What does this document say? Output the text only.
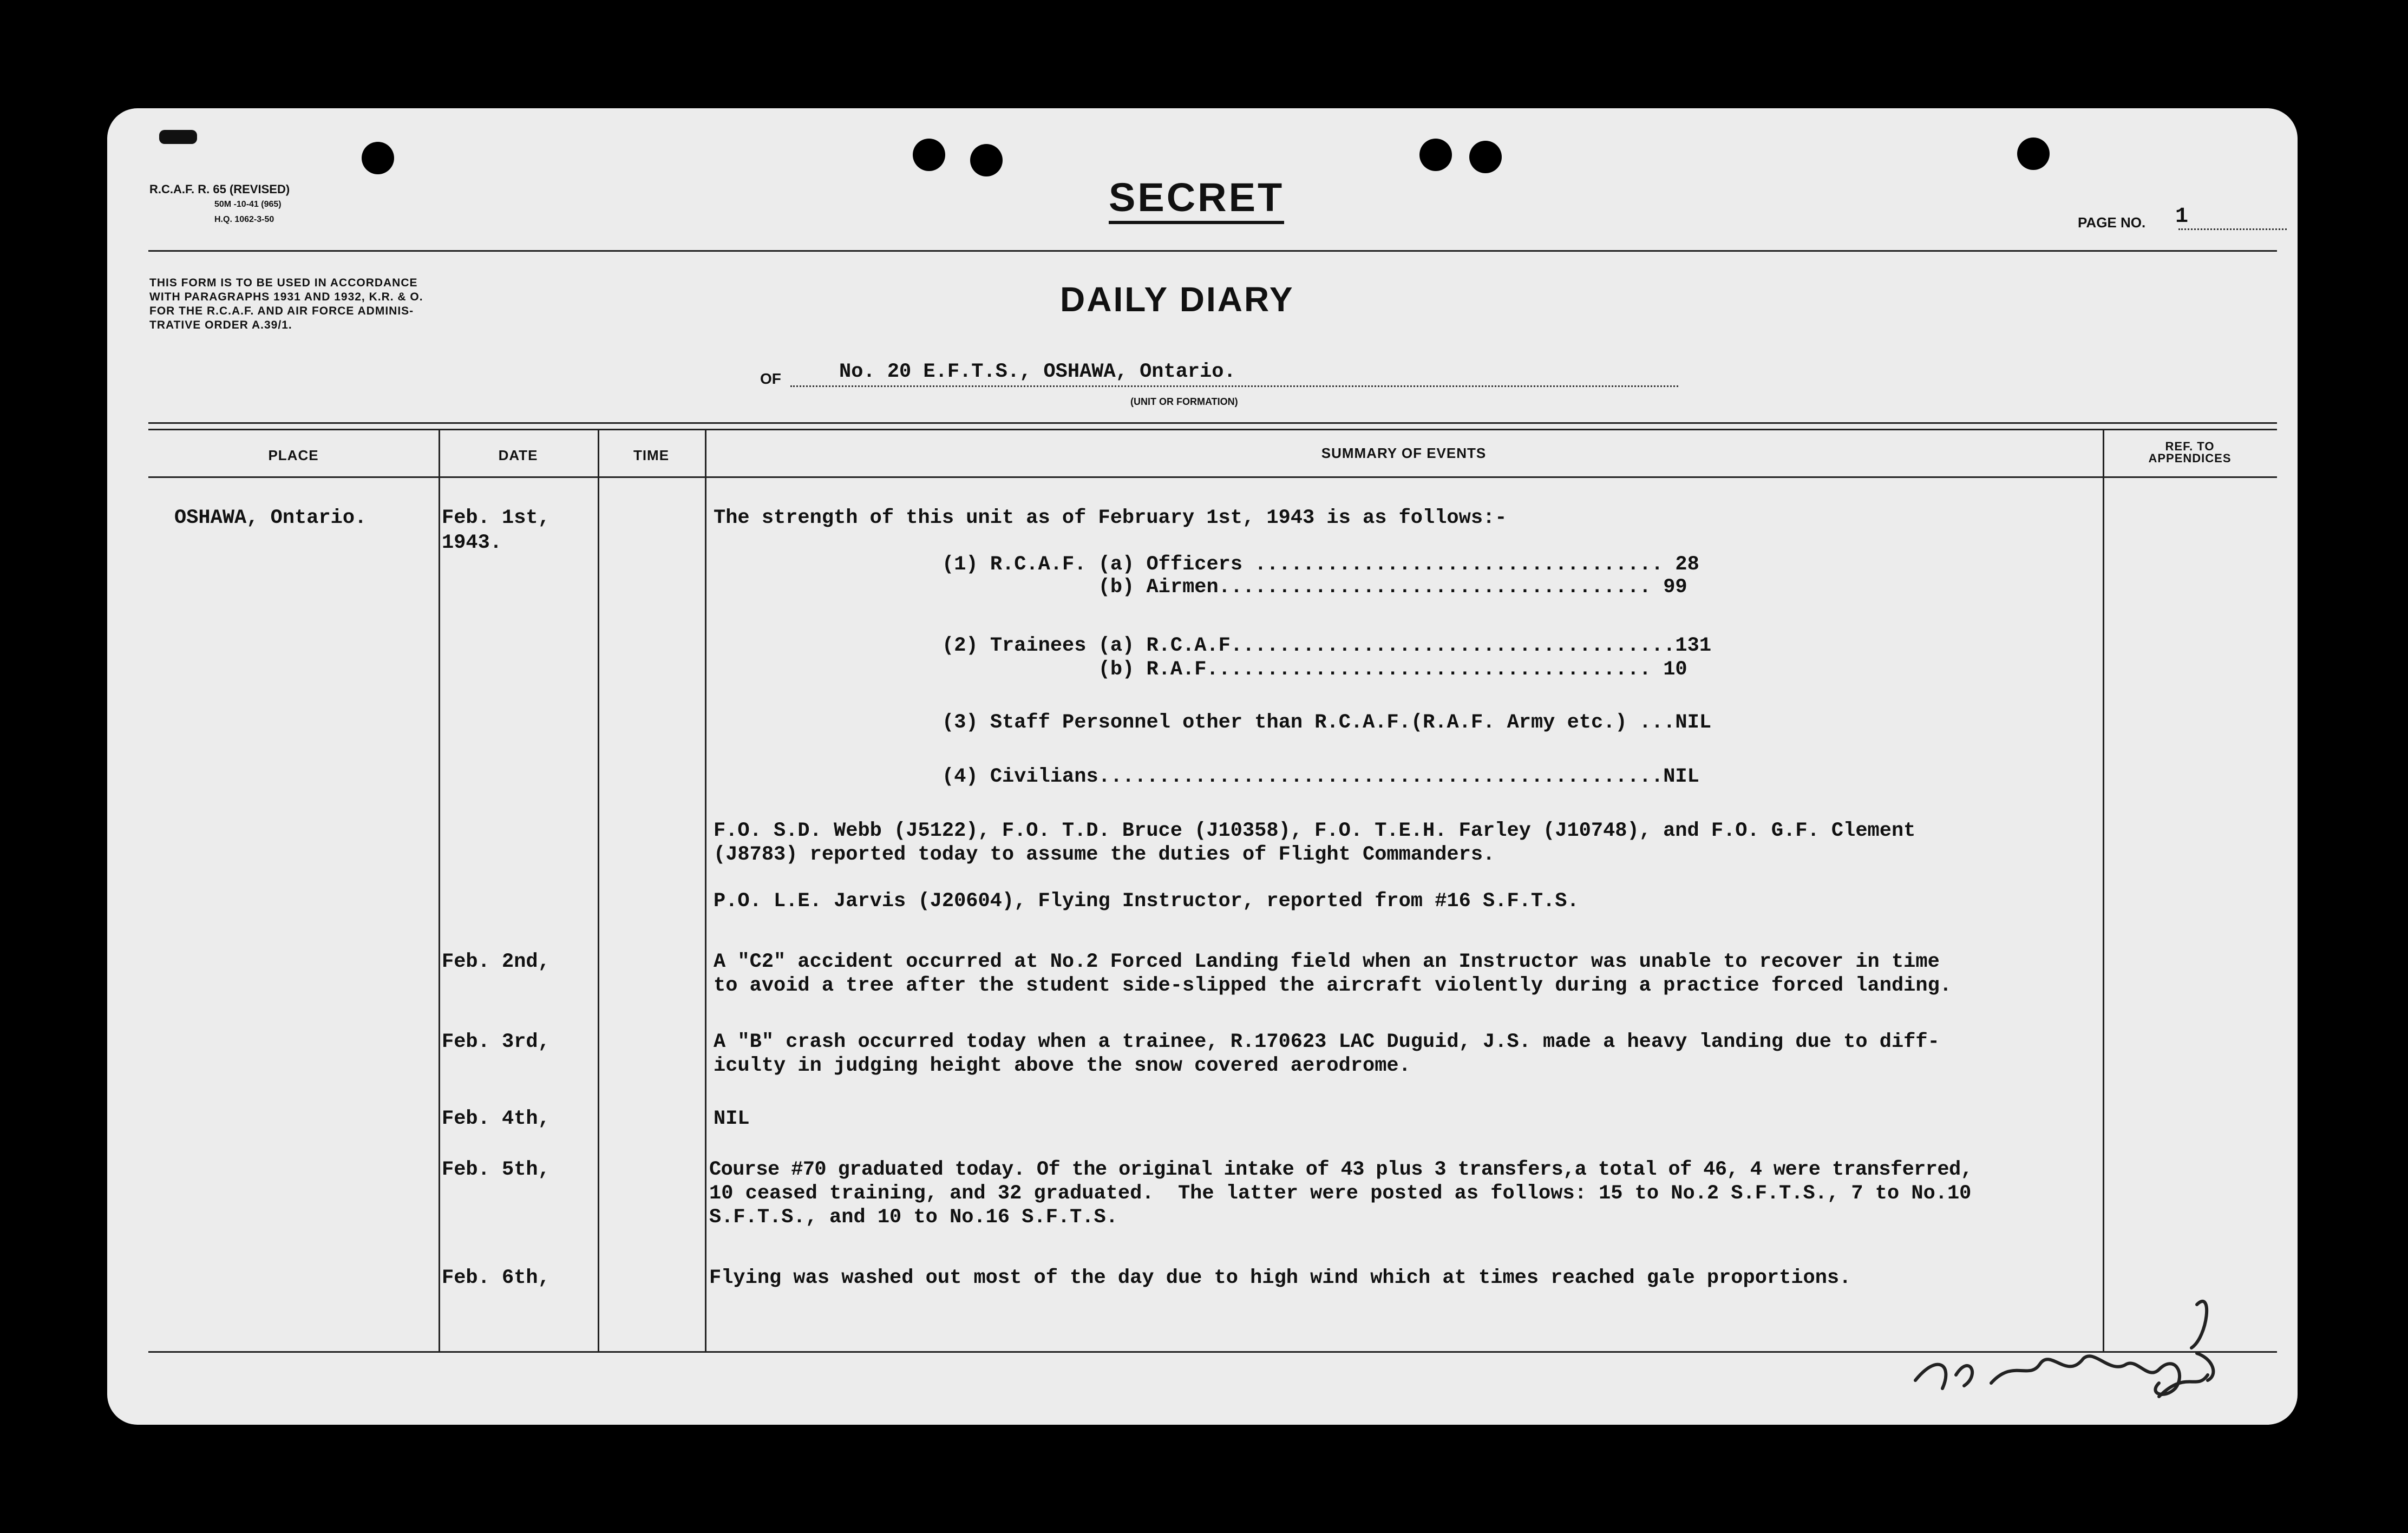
R.C.A.F. R. 65 (REVISED)
50M -10-41 (965)
H.Q. 1062-3-50	SECRET
PAGE NO. 1
THIS FORM IS TO BE USED IN ACCORDANCE
WITH PARAGRAPHS 1931 AND 1932, K.R. & O.
FOR THE R.C.A.F. AND AIR FORCE ADMINIS-
TRATIVE ORDER A.39/1.
DAILY DIARY
OF	No. 20 E.F.T.S., OSHAWA, Ontario.
(UNIT OR FORMATION)
PLACE	DATE	TIME	SUMMARY OF EVENTS	REF. TO
APPENDICES
OSHAWA, Ontario.	Feb. 1st,
1943.
The strength of this unit as of February 1st, 1943 is as follows:-
(1) R.C.A.F. (a) Officers .................................. 28
(b) Airmen.................................... 99
(2) Trainees (a) R.C.A.F.....................................131
(b) R.A.F..................................... 10
(3) Staff Personnel other than R.C.A.F.(R.A.F. Army etc.) ...NIL
(4) Civilians...............................................NIL
F.O. S.D. Webb (J5122), F.O. T.D. Bruce (J10358), F.O. T.E.H. Farley (J10748), and F.O. G.F. Clement
(J8783) reported today to assume the duties of Flight Commanders.
P.O. L.E. Jarvis (J20604), Flying Instructor, reported from #16 S.F.T.S.
Feb. 2nd,	A "C2" accident occurred at No.2 Forced Landing field when an Instructor was unable to recover in time
to avoid a tree after the student side-slipped the aircraft violently during a practice forced landing.
Feb. 3rd,	A "B" crash occurred today when a trainee, R.170623 LAC Duguid, J.S. made a heavy landing due to diff-
iculty in judging height above the snow covered aerodrome.
Feb. 4th,	NIL
Feb. 5th,	Course #70 graduated today. Of the original intake of 43 plus 3 transfers,a total of 46, 4 were transferred,
10 ceased training, and 32 graduated.  The latter were posted as follows: 15 to No.2 S.F.T.S., 7 to No.10
S.F.T.S., and 10 to No.16 S.F.T.S.
Feb. 6th,	Flying was washed out most of the day due to high wind which at times reached gale proportions.
